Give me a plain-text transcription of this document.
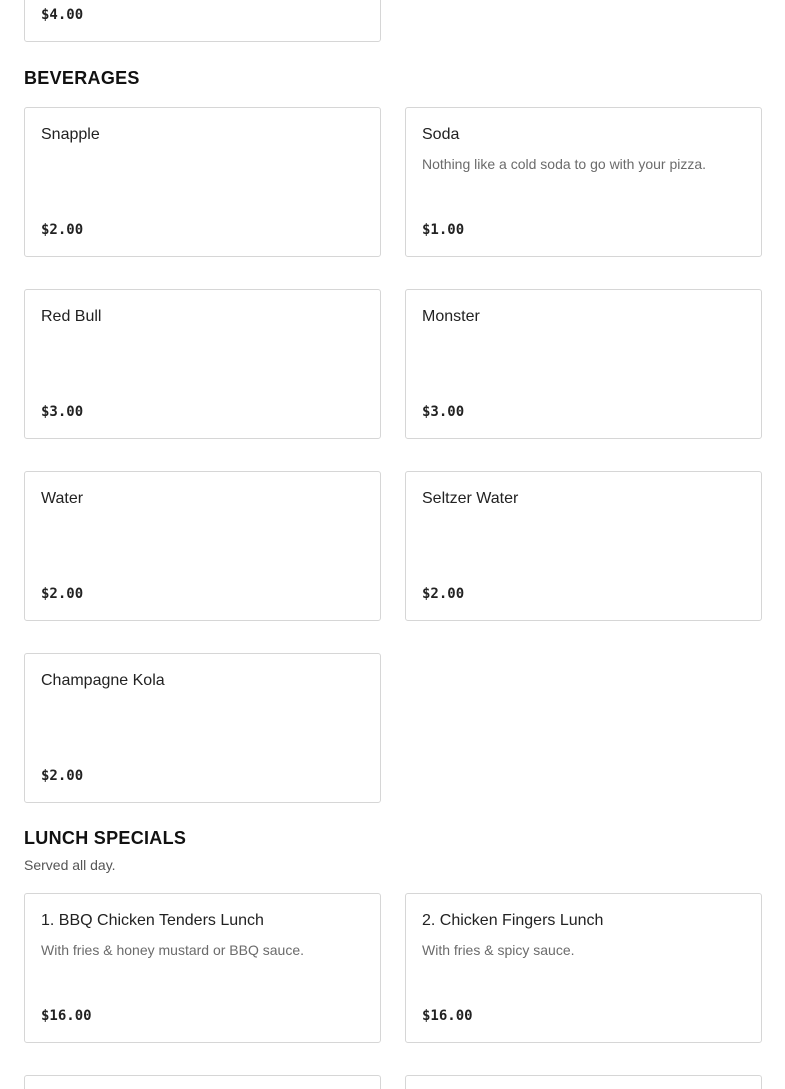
$4.00
BEVERAGES
Snapple
$2.00
Soda
Nothing like a cold soda to go with your pizza.
$1.00
Red Bull
$3.00
Monster
$3.00
Water
$2.00
Seltzer Water
$2.00
Champagne Kola
$2.00
LUNCH SPECIALS

Served all day.

1. BBQ Chicken Tenders Lunch
With fries & honey mustard or BBQ sauce.
$16.00
2. Chicken Fingers Lunch
With fries & spicy sauce.
$16.00
